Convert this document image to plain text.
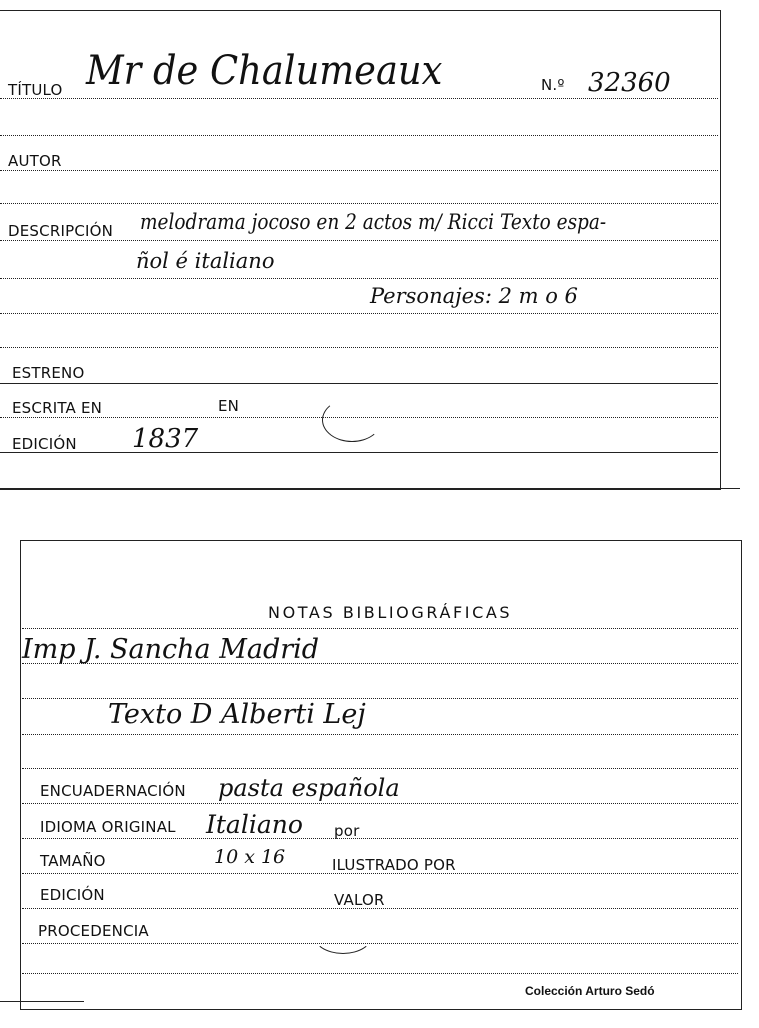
TÍTULO Mr de Chalumeaux	N.º 32360
AUTOR
DESCRIPCIÓN melodrama jocoso en 2 actos m/ Ricci Texto espa-
ñol é italiano
Personajes: 2 m o 6
ESTRENO
ESCRITA EN	EN
EDICIÓN 1837
NOTAS BIBLIOGRÁFICAS
Imp J. Sancha Madrid
Texto D Alberti Lej
ENCUADERNACIÓN pasta española
IDIOMA ORIGINAL Italiano por
TAMAÑO	10 x 16	ILUSTRADO POR
EDICIÓN	VALOR
PROCEDENCIA
Colección Arturo Sedó
